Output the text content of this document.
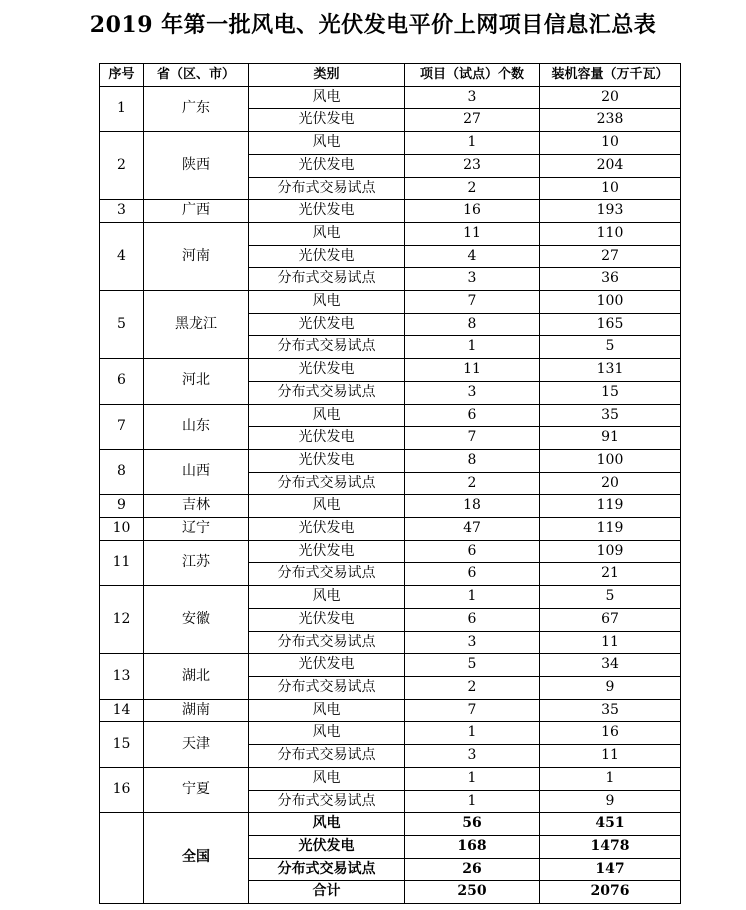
2019 年第一批风电、光伏发电平价上网项目信息汇总表
序号	省（区、市）	类别	项目（试点）个数	装机容量（万千瓦）
1	广东	风电	3	20
		光伏发电	27	238
2	陕西	风电	1	10
		光伏发电	23	204
		分布式交易试点	2	10
3	广西	光伏发电	16	193
4	河南	风电	11	110
		光伏发电	4	27
		分布式交易试点	3	36
5	黑龙江	风电	7	100
		光伏发电	8	165
		分布式交易试点	1	5
6	河北	光伏发电	11	131
		分布式交易试点	3	15
7	山东	风电	6	35
		光伏发电	7	91
8	山西	光伏发电	8	100
		分布式交易试点	2	20
9	吉林	风电	18	119
10	辽宁	光伏发电	47	119
11	江苏	光伏发电	6	109
		分布式交易试点	6	21
12	安徽	风电	1	5
		光伏发电	6	67
		分布式交易试点	3	11
13	湖北	光伏发电	5	34
		分布式交易试点	2	9
14	湖南	风电	7	35
15	天津	风电	1	16
		分布式交易试点	3	11
16	宁夏	风电	1	1
		分布式交易试点	1	9
	全国	风电	56	451
		光伏发电	168	1478
		分布式交易试点	26	147
		合计	250	2076
